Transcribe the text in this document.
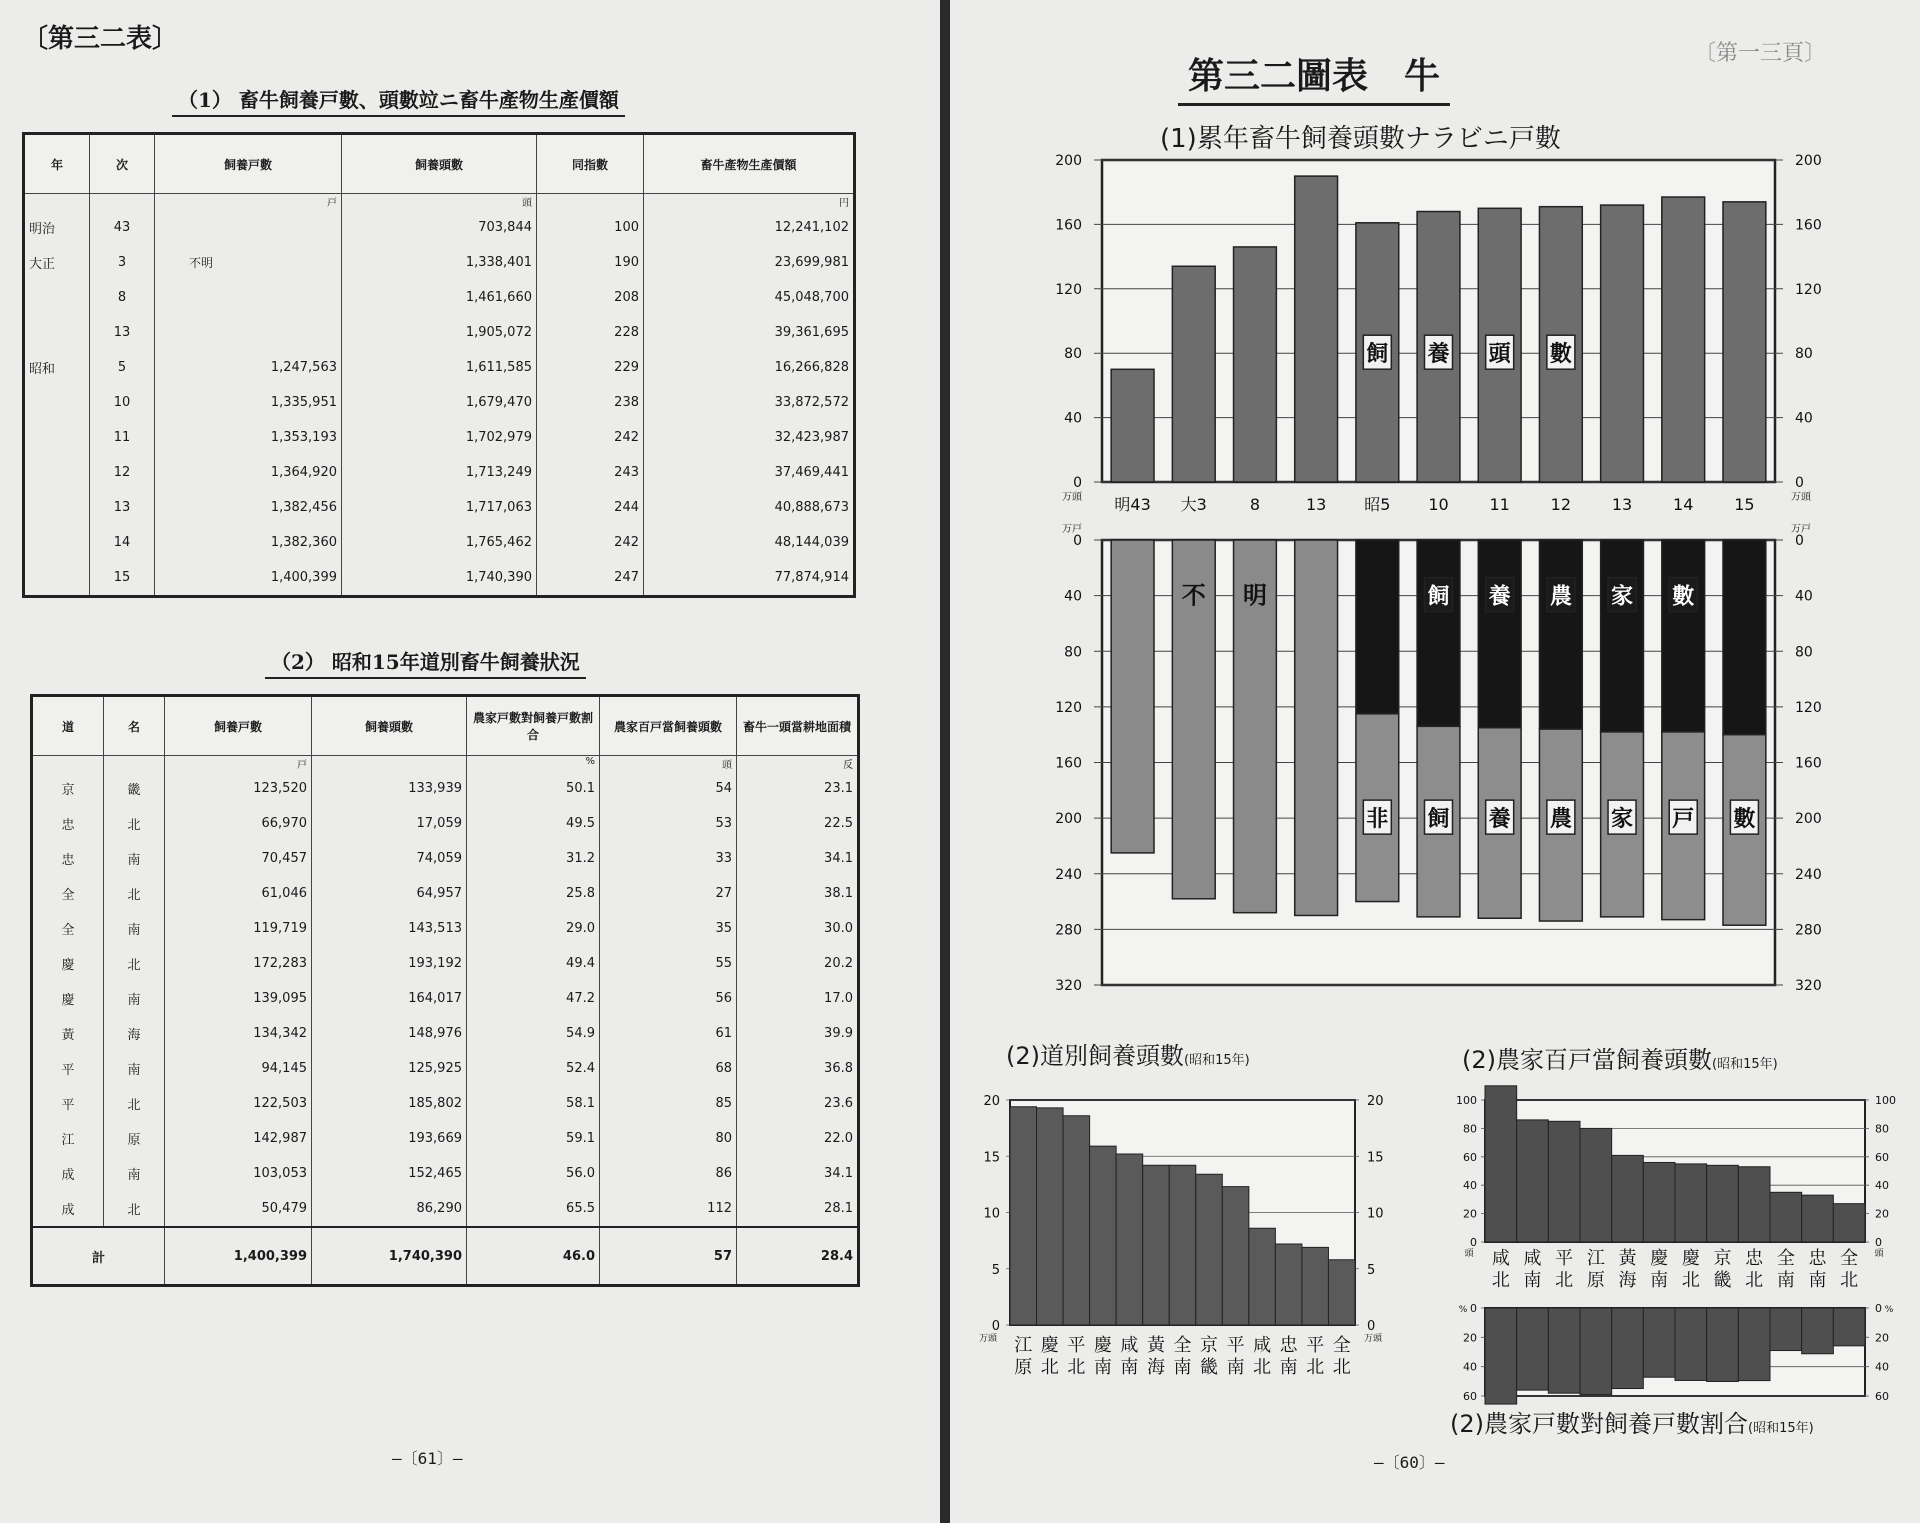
〔第三二表〕
（1） 畜牛飼養戸數、頭數竝ニ畜牛產物生產價額
年	次	飼養戸數	飼養頭數	同指數	畜牛產物生產價額
		戸	頭		円
明治	43		703,844	100	12,241,102
大正	3	不明	1,338,401	190	23,699,981
	8		1,461,660	208	45,048,700
	13		1,905,072	228	39,361,695
昭和	5	1,247,563	1,611,585	229	16,266,828
	10	1,335,951	1,679,470	238	33,872,572
	11	1,353,193	1,702,979	242	32,423,987
	12	1,364,920	1,713,249	243	37,469,441
	13	1,382,456	1,717,063	244	40,888,673
	14	1,382,360	1,765,462	242	48,144,039
	15	1,400,399	1,740,390	247	77,874,914
（2） 昭和15年道別畜牛飼養狀況
道	名	飼養戸數	飼養頭數	農家戸數對飼養戸數割合	農家百戸當飼養頭數	畜牛一頭當耕地面積
		戸		%	頭	反
京	畿	123,520	133,939	50.1	54	23.1
忠	北	66,970	17,059	49.5	53	22.5
忠	南	70,457	74,059	31.2	33	34.1
全	北	61,046	64,957	25.8	27	38.1
全	南	119,719	143,513	29.0	35	30.0
慶	北	172,283	193,192	49.4	55	20.2
慶	南	139,095	164,017	47.2	56	17.0
黃	海	134,342	148,976	54.9	61	39.9
平	南	94,145	125,925	52.4	68	36.8
平	北	122,503	185,802	58.1	85	23.6
江	原	142,987	193,669	59.1	80	22.0
成	南	103,053	152,465	56.0	86	34.1
成	北	50,479	86,290	65.5	112	28.1
計		1,400,399	1,740,390	46.0	57	28.4
—〔61〕—
〔第一三頁〕
第三二圖表　牛
(1)累年畜牛飼養頭數ナラビニ戸數
0	0
40	40
80	80
120	120
160	160
200	200
万頭	万頭
明43 大3	8	13 昭5 10	11	12	13	14	15
飼 養 頭 數
0	0
40	40
80	80
120	120
160	160
200	200
240	240
280	280
320	320
万戸	万戸
不 明	飼 養 農 家 數
非 飼 養 農 家 戸 數
(2)道別飼養頭數(昭和15年)
0	0
5	5
10	10
15	15
20	20
万頭	万頭
江
原
慶
北
平
北
慶
南
咸
南
黃
海
全
南
京
畿
平
南
咸
北
忠
南
平
北
全
北
(2)農家百戸當飼養頭數(昭和15年)
0	0
20	20
40	40
60	60
80	80
100	100
頭	頭
咸
北
咸
南
平
北
江
原
黃
海
慶
南
慶
北
京
畿
忠
北
全
南
忠
南
全
北
0	0
20	20
40	40
60	60
%	%
(2)農家戸數對飼養戸數割合(昭和15年)
—〔60〕—
